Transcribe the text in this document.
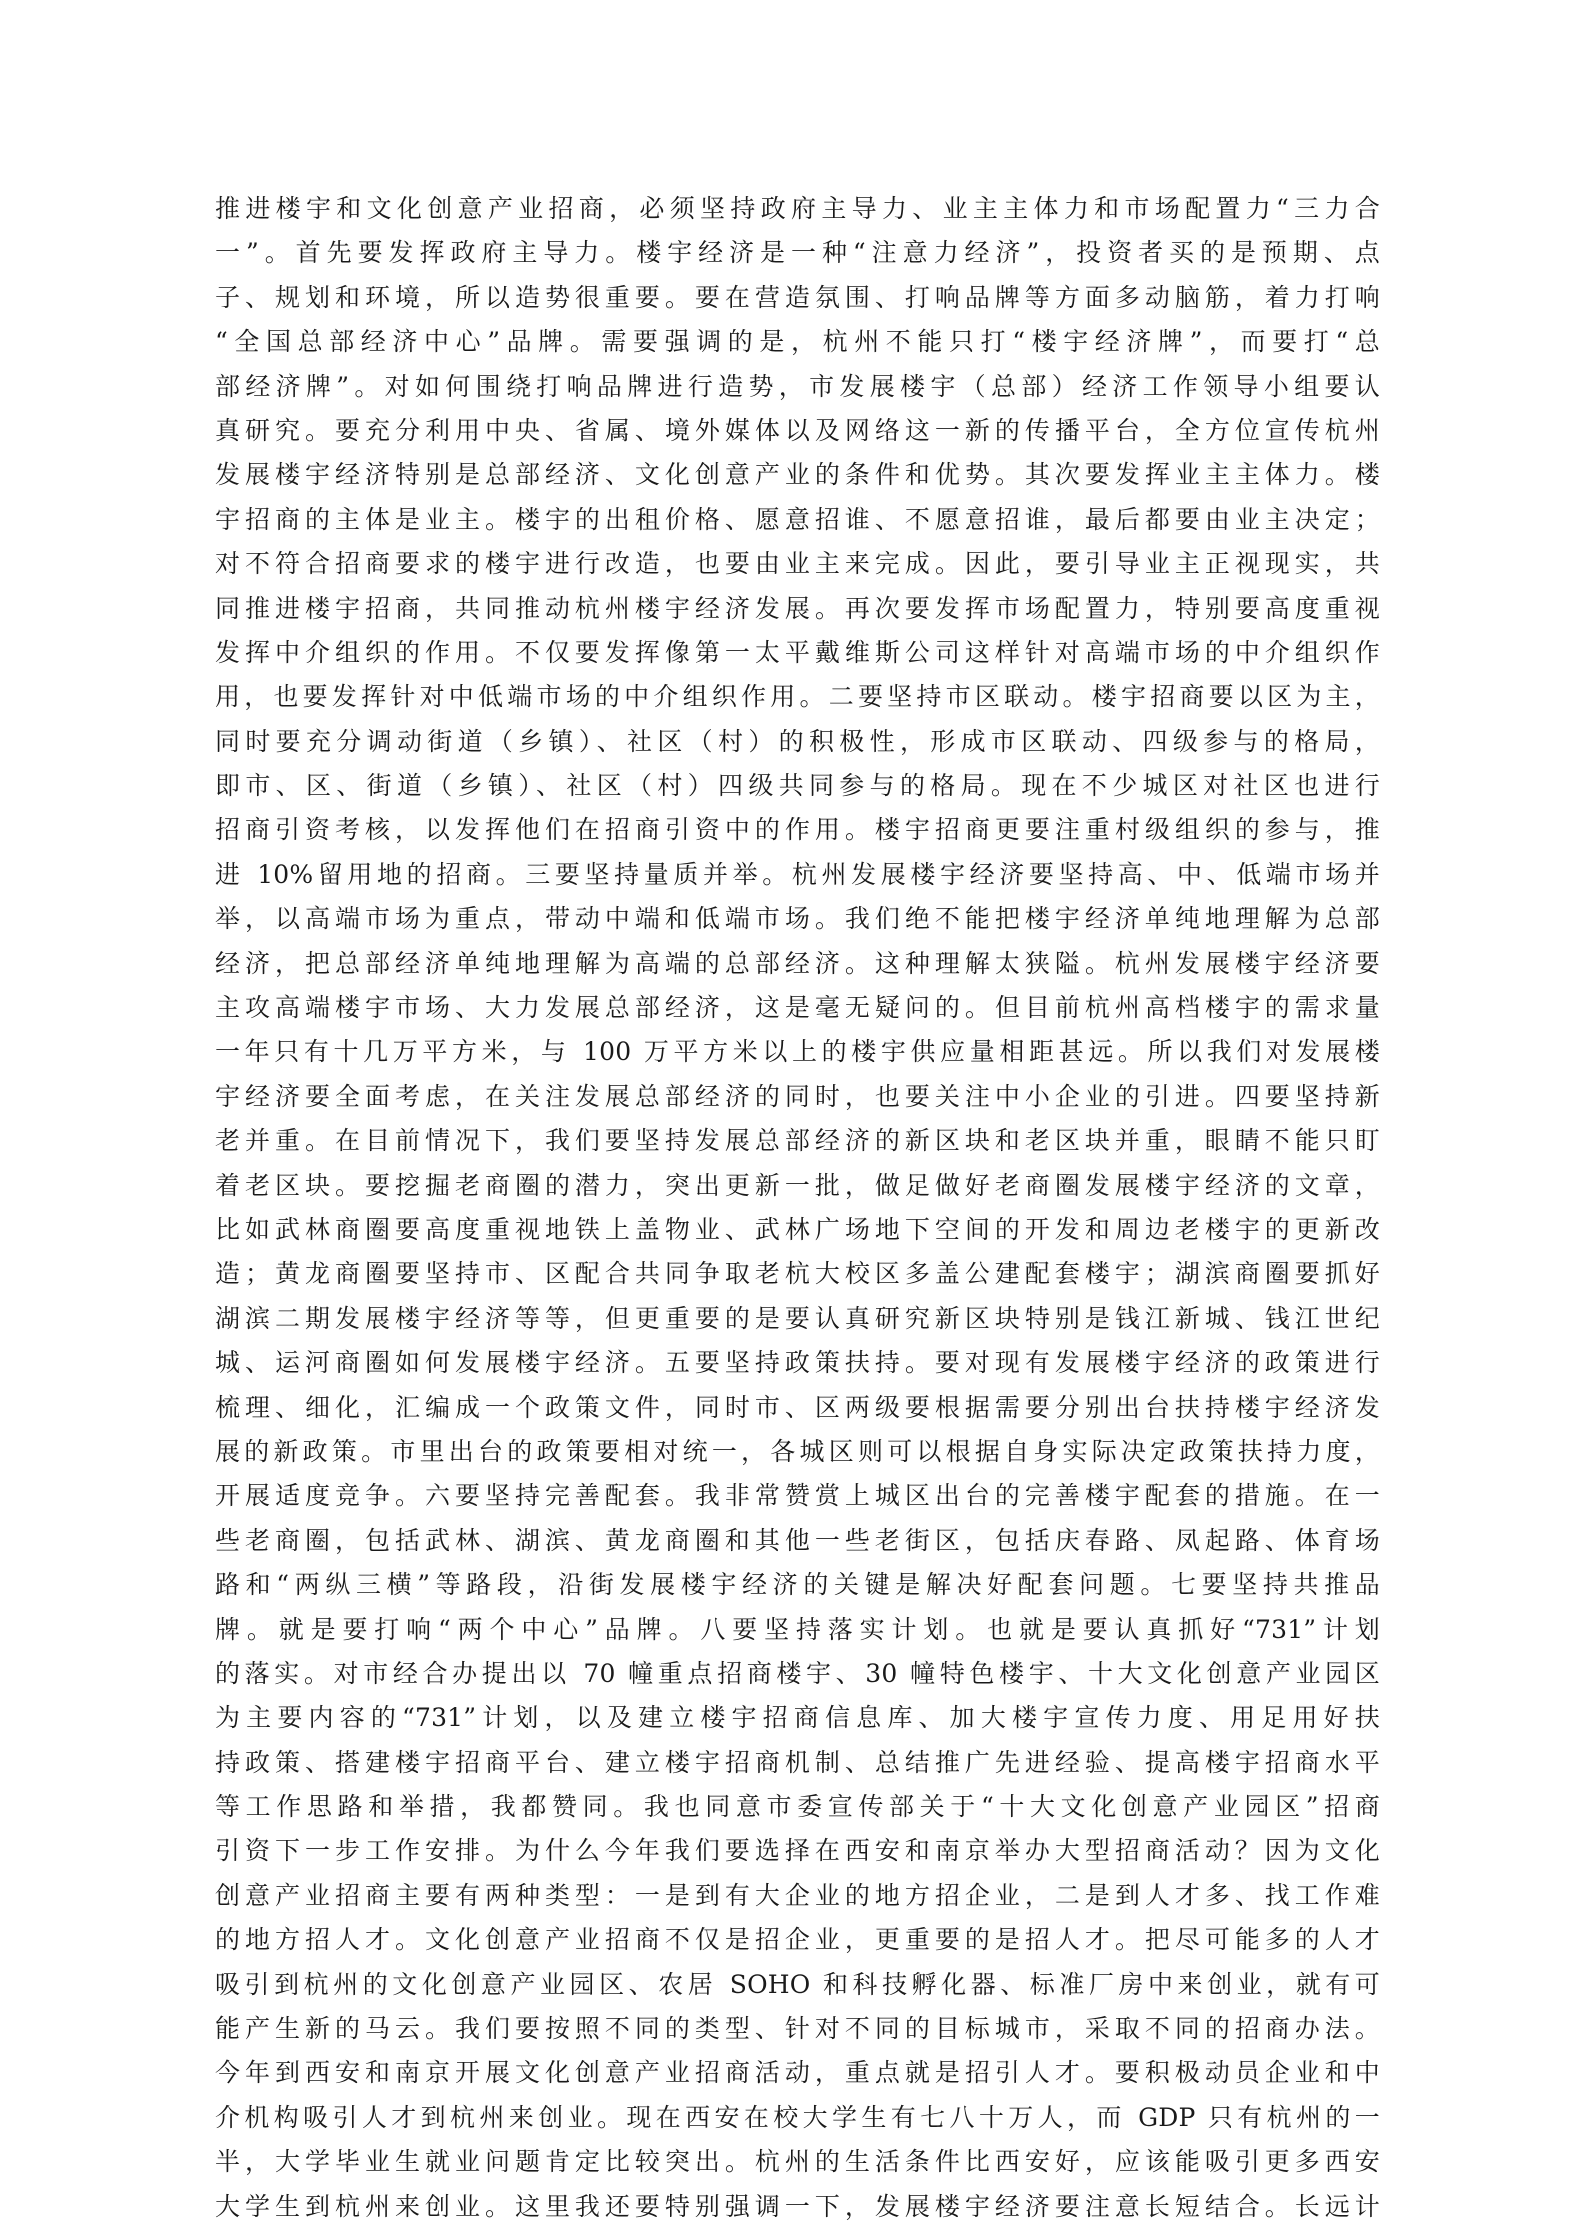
推进楼宇和文化创意产业招商，必须坚持政府主导力、业主主体力和市场配置力“三力合
一”。首先要发挥政府主导力。楼宇经济是一种“注意力经济”，投资者买的是预期、点
子、规划和环境，所以造势很重要。要在营造氛围、打响品牌等方面多动脑筋，着力打响
“全国总部经济中心”品牌。需要强调的是，杭州不能只打“楼宇经济牌”，而要打“总
部经济牌”。对如何围绕打响品牌进行造势，市发展楼宇（总部）经济工作领导小组要认
真研究。要充分利用中央、省属、境外媒体以及网络这一新的传播平台，全方位宣传杭州
发展楼宇经济特别是总部经济、文化创意产业的条件和优势。其次要发挥业主主体力。楼
宇招商的主体是业主。楼宇的出租价格、愿意招谁、不愿意招谁，最后都要由业主决定；
对不符合招商要求的楼宇进行改造，也要由业主来完成。因此，要引导业主正视现实，共
同推进楼宇招商，共同推动杭州楼宇经济发展。再次要发挥市场配置力，特别要高度重视
发挥中介组织的作用。不仅要发挥像第一太平戴维斯公司这样针对高端市场的中介组织作
用，也要发挥针对中低端市场的中介组织作用。二要坚持市区联动。楼宇招商要以区为主，
同时要充分调动街道（乡镇）、社区（村）的积极性，形成市区联动、四级参与的格局，
即市、区、街道（乡镇）、社区（村）四级共同参与的格局。现在不少城区对社区也进行
招商引资考核，以发挥他们在招商引资中的作用。楼宇招商更要注重村级组织的参与，推
进 10%留用地的招商。三要坚持量质并举。杭州发展楼宇经济要坚持高、中、低端市场并
举，以高端市场为重点，带动中端和低端市场。我们绝不能把楼宇经济单纯地理解为总部
经济，把总部经济单纯地理解为高端的总部经济。这种理解太狭隘。杭州发展楼宇经济要
主攻高端楼宇市场、大力发展总部经济，这是毫无疑问的。但目前杭州高档楼宇的需求量
一年只有十几万平方米，与 100 万平方米以上的楼宇供应量相距甚远。所以我们对发展楼
宇经济要全面考虑，在关注发展总部经济的同时，也要关注中小企业的引进。四要坚持新
老并重。在目前情况下，我们要坚持发展总部经济的新区块和老区块并重，眼睛不能只盯
着老区块。要挖掘老商圈的潜力，突出更新一批，做足做好老商圈发展楼宇经济的文章，
比如武林商圈要高度重视地铁上盖物业、武林广场地下空间的开发和周边老楼宇的更新改
造；黄龙商圈要坚持市、区配合共同争取老杭大校区多盖公建配套楼宇；湖滨商圈要抓好
湖滨二期发展楼宇经济等等，但更重要的是要认真研究新区块特别是钱江新城、钱江世纪
城、运河商圈如何发展楼宇经济。五要坚持政策扶持。要对现有发展楼宇经济的政策进行
梳理、细化，汇编成一个政策文件，同时市、区两级要根据需要分别出台扶持楼宇经济发
展的新政策。市里出台的政策要相对统一，各城区则可以根据自身实际决定政策扶持力度，
开展适度竞争。六要坚持完善配套。我非常赞赏上城区出台的完善楼宇配套的措施。在一
些老商圈，包括武林、湖滨、黄龙商圈和其他一些老街区，包括庆春路、凤起路、体育场
路和“两纵三横”等路段，沿街发展楼宇经济的关键是解决好配套问题。七要坚持共推品
牌。就是要打响“两个中心”品牌。八要坚持落实计划。也就是要认真抓好“731”计划
的落实。对市经合办提出以 70 幢重点招商楼宇、30 幢特色楼宇、十大文化创意产业园区
为主要内容的“731”计划，以及建立楼宇招商信息库、加大楼宇宣传力度、用足用好扶
持政策、搭建楼宇招商平台、建立楼宇招商机制、总结推广先进经验、提高楼宇招商水平
等工作思路和举措，我都赞同。我也同意市委宣传部关于“十大文化创意产业园区”招商
引资下一步工作安排。为什么今年我们要选择在西安和南京举办大型招商活动？因为文化
创意产业招商主要有两种类型：一是到有大企业的地方招企业，二是到人才多、找工作难
的地方招人才。文化创意产业招商不仅是招企业，更重要的是招人才。把尽可能多的人才
吸引到杭州的文化创意产业园区、农居 SOHO 和科技孵化器、标准厂房中来创业，就有可
能产生新的马云。我们要按照不同的类型、针对不同的目标城市，采取不同的招商办法。
今年到西安和南京开展文化创意产业招商活动，重点就是招引人才。要积极动员企业和中
介机构吸引人才到杭州来创业。现在西安在校大学生有七八十万人，而 GDP 只有杭州的一
半，大学毕业生就业问题肯定比较突出。杭州的生活条件比西安好，应该能吸引更多西安
大学生到杭州来创业。这里我还要特别强调一下，发展楼宇经济要注意长短结合。长远计
